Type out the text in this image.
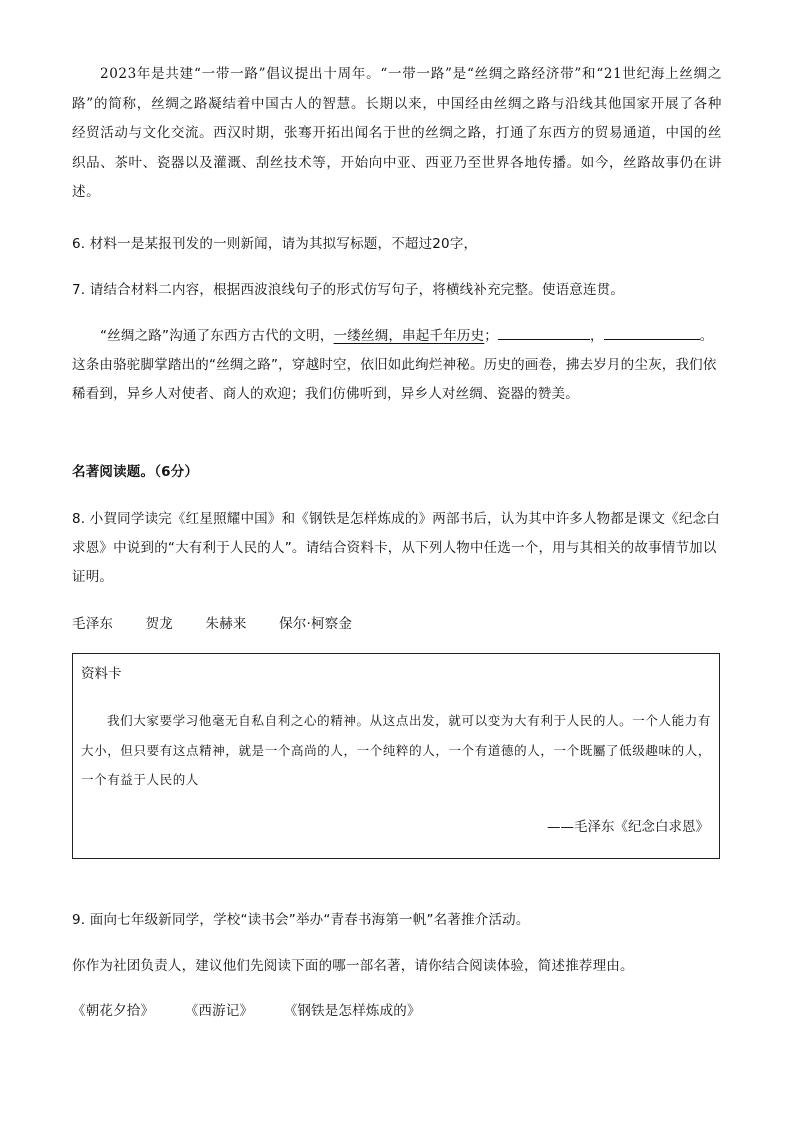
2023年是共建“一带一路”倡议提出十周年。“一带一路”是“丝绸之路经济带”和“21世纪海上丝绸之路”的简称，丝绸之路凝结着中国古人的智慧。长期以来，中国经由丝绸之路与沿线其他国家开展了各种经贸活动与文化交流。西汉时期，张骞开拓出闻名于世的丝绸之路，打通了东西方的贸易通道，中国的丝织品、茶叶、瓷器以及灌溉、刮丝技术等，开始向中亚、西亚乃至世界各地传播。如今，丝路故事仍在讲述。

6. 材料一是某报刊发的一则新闻，请为其拟写标题，不超过20字，

7. 请结合材料二内容，根据西波浪线句子的形式仿写句子，将横线补充完整。使语意连贯。

“丝绸之路”沟通了东西方古代的文明，一缕丝绸，串起千年历史；	，	。这条由骆驼脚掌踏出的“丝绸之路”，穿越时空，依旧如此绚烂神秘。历史的画卷，拂去岁月的尘灰，我们依稀看到，异乡人对使者、商人的欢迎；我们仿佛听到，异乡人对丝绸、瓷器的赞美。

名著阅读题。（6分）

8. 小賀同学读完《红星照耀中国》和《钢铁是怎样炼成的》两部书后，认为其中许多人物都是课文《纪念白求恩》中说到的“大有利于人民的人”。请结合资料卡，从下列人物中任选一个，用与其相关的故事情节加以证明。

毛泽东 贺龙 朱赫来 保尔·柯察金

资料卡

我们大家要学习他毫无自私自利之心的精神。从这点出发，就可以变为大有利于人民的人。一个人能力有大小，但只要有这点精神，就是一个高尚的人，一个纯粹的人，一个有道德的人，一个既屬了低级趣味的人，一个有益于人民的人

——毛泽东《纪念白求恩》

9. 面向七年级新同学，学校“读书会”举办“青春书海第一帆”名著推介活动。

你作为社团负责人，建议他们先阅读下面的哪一部名著，请你结合阅读体验，简述推荐理由。

《朝花夕拾》 《西游记》 《钢铁是怎样炼成的》
